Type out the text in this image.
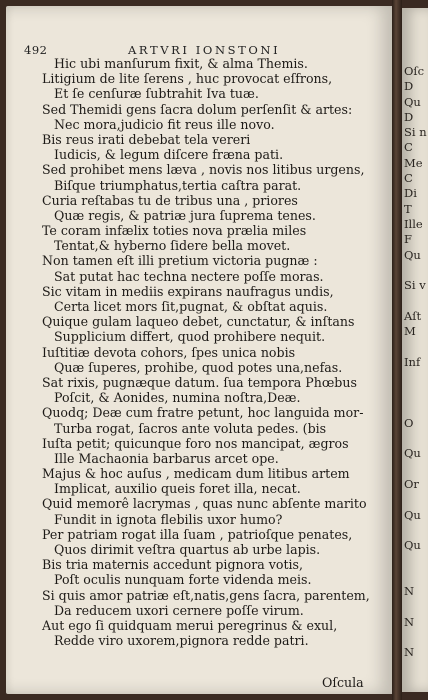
492	ARTVRI IONSTONI
Hic ubi manſurum fixit, & alma Themis.
Litigium de lite ſerens , huc provocat eſfrons,
Et ſe cenſuræ ſubtrahit Iva tuæ.
Sed Themidi gens ſacra dolum perſenſit & artes:
Nec mora,judicio fit reus ille novo.
Bis reus irati debebat tela vereri
Iudicis, & legum diſcere fræna pati.
Sed prohibet mens læva , novis nos litibus urgens,
Biſque triumphatus,tertia caſtra parat.
Curia reſtabas tu de tribus una , priores
Quæ regis, & patriæ jura ſuprema tenes.
Te coram infælix toties nova prælia miles
Tentat,& hyberno ſidere bella movet.
Non tamen eſt illi pretium victoria pugnæ :
Sat putat hac techna nectere poſſe moras.
Sic vitam in mediis expirans naufragus undis,
Certa licet mors ſit,pugnat, & obſtat aquis.
Quique gulam laqueo debet, cunctatur, & inſtans
Supplicium differt, quod prohibere nequit.
Iuſtitiæ devota cohors, ſpes unica nobis
Quæ ſuperes, prohibe, quod potes una,nefas.
Sat rixis, pugnæque datum. ſua tempora Phœbus
Poſcit, & Aonides, numina noſtra,Deæ.
Quodq; Deæ cum fratre petunt, hoc languida mor-
Turba rogat, ſacros ante voluta pedes. (bis
Iuſta petit; quicunque foro nos mancipat, ægros
Ille Machaonia barbarus arcet ope.
Majus & hoc auſus , medicam dum litibus artem
Implicat, auxilio queis foret illa, necat.
Quid memorê lacrymas , quas nunc abſente marito
Fundit in ignota flebilis uxor humo?
Per patriam rogat illa ſuam , patrioſque penates,
Quos dirimit veſtra quartus ab urbe lapis.
Bis tria maternis accedunt pignora votis,
Poſt oculis nunquam forte videnda meis.
Si quis amor patriæ eſt,natis,gens ſacra, parentem,
Da reducem uxori cernere poſſe virum.
Aut ego ſi quidquam merui peregrinus & exul,
Redde viro uxorem,pignora redde patri.
Oſcula
Oſc
D
Qu
D
Si n
C
Me
C
Di
T
Ille
F
Qu
Si v
Aſt
M
Inf
O
Qu
Or
Qu
Qu
N
N
N
